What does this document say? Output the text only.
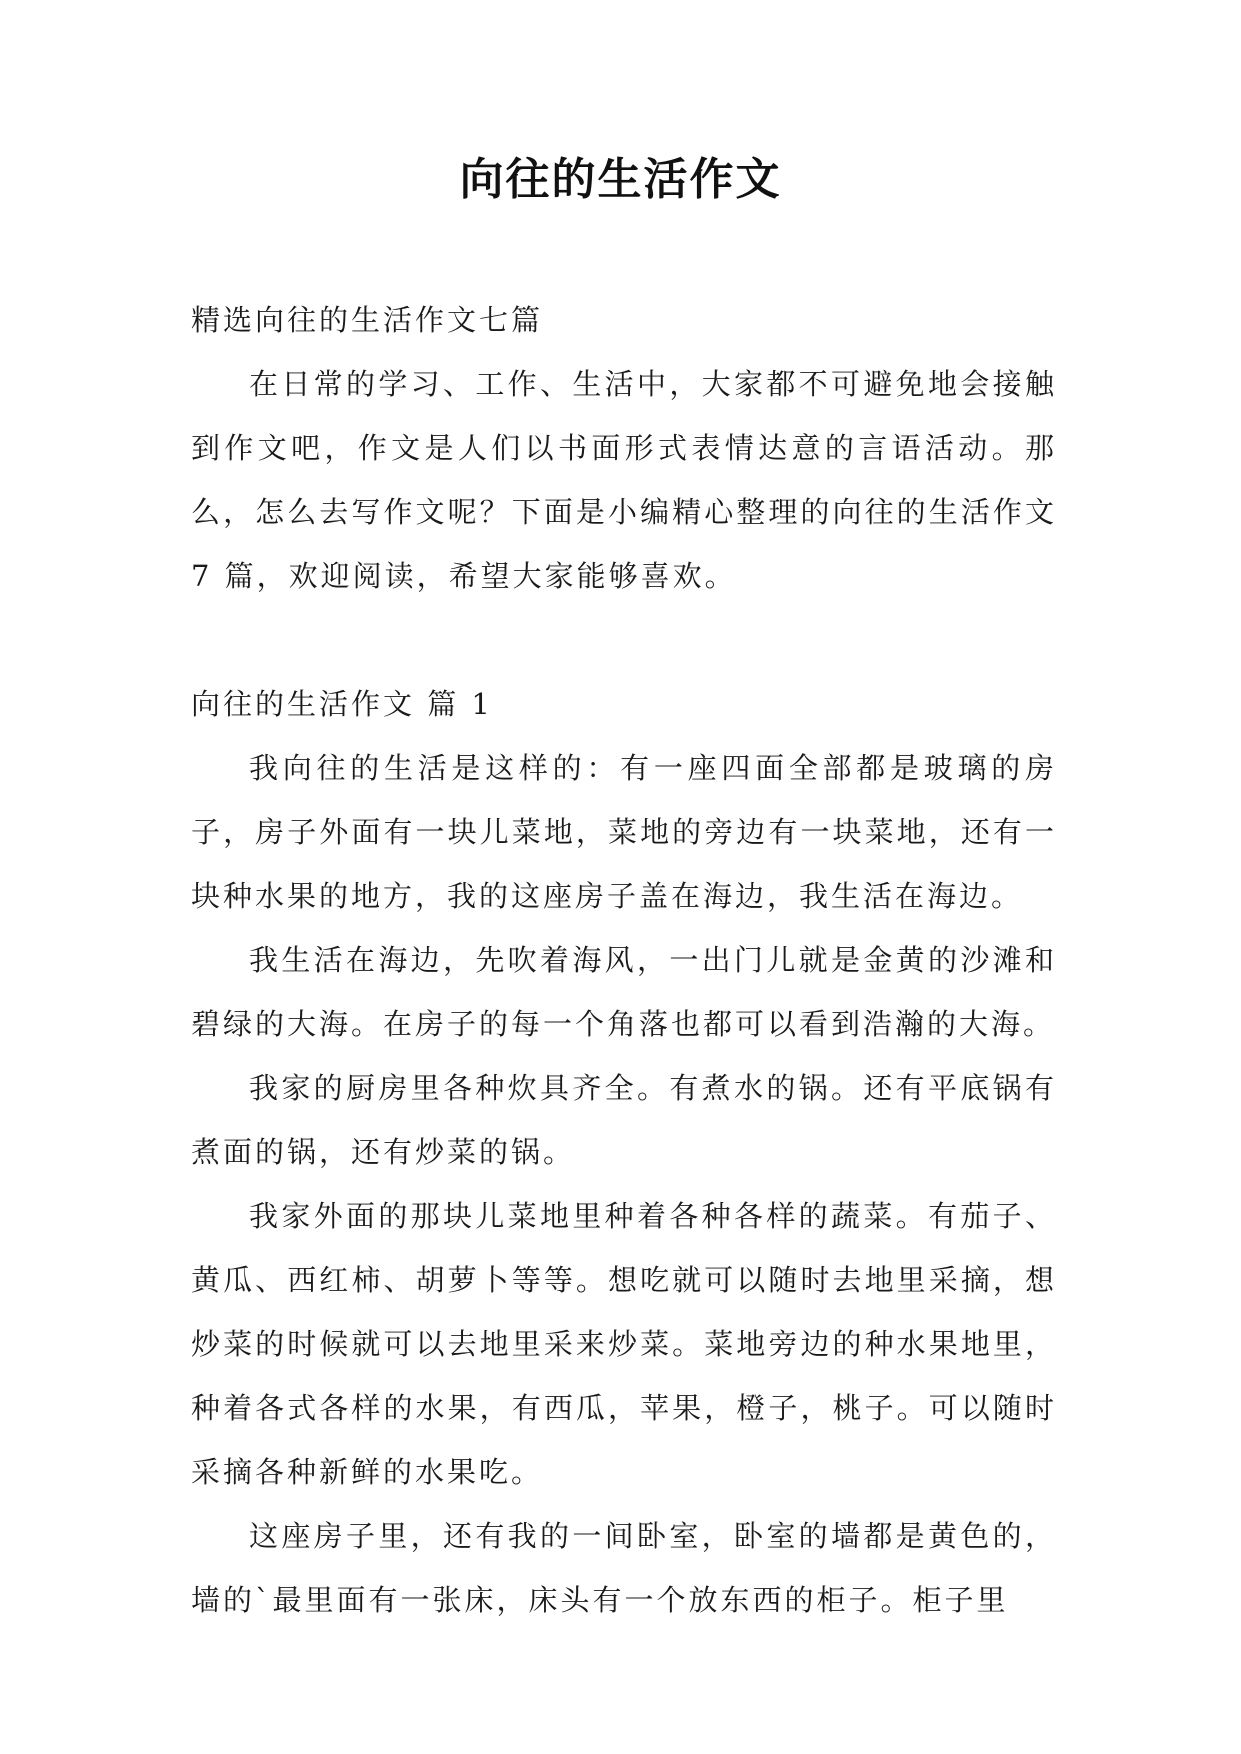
向往的生活作文

精选向往的生活作文七篇

在日常的学习、工作、生活中，大家都不可避免地会接触到作文吧，作文是人们以书面形式表情达意的言语活动。那么，怎么去写作文呢？下面是小编精心整理的向往的生活作文 7 篇，欢迎阅读，希望大家能够喜欢。

向往的生活作文 篇 1

我向往的生活是这样的：有一座四面全部都是玻璃的房子，房子外面有一块儿菜地，菜地的旁边有一块菜地，还有一块种水果的地方，我的这座房子盖在海边，我生活在海边。

我生活在海边，先吹着海风，一出门儿就是金黄的沙滩和碧绿的大海。在房子的每一个角落也都可以看到浩瀚的大海。

我家的厨房里各种炊具齐全。有煮水的锅。还有平底锅有煮面的锅，还有炒菜的锅。

我家外面的那块儿菜地里种着各种各样的蔬菜。有茄子、黄瓜、西红柿、胡萝卜等等。想吃就可以随时去地里采摘，想炒菜的时候就可以去地里采来炒菜。菜地旁边的种水果地里，种着各式各样的水果，有西瓜，苹果，橙子，桃子。可以随时采摘各种新鲜的水果吃。

这座房子里，还有我的一间卧室，卧室的墙都是黄色的，墙的`最里面有一张床，床头有一个放东西的柜子。柜子里
